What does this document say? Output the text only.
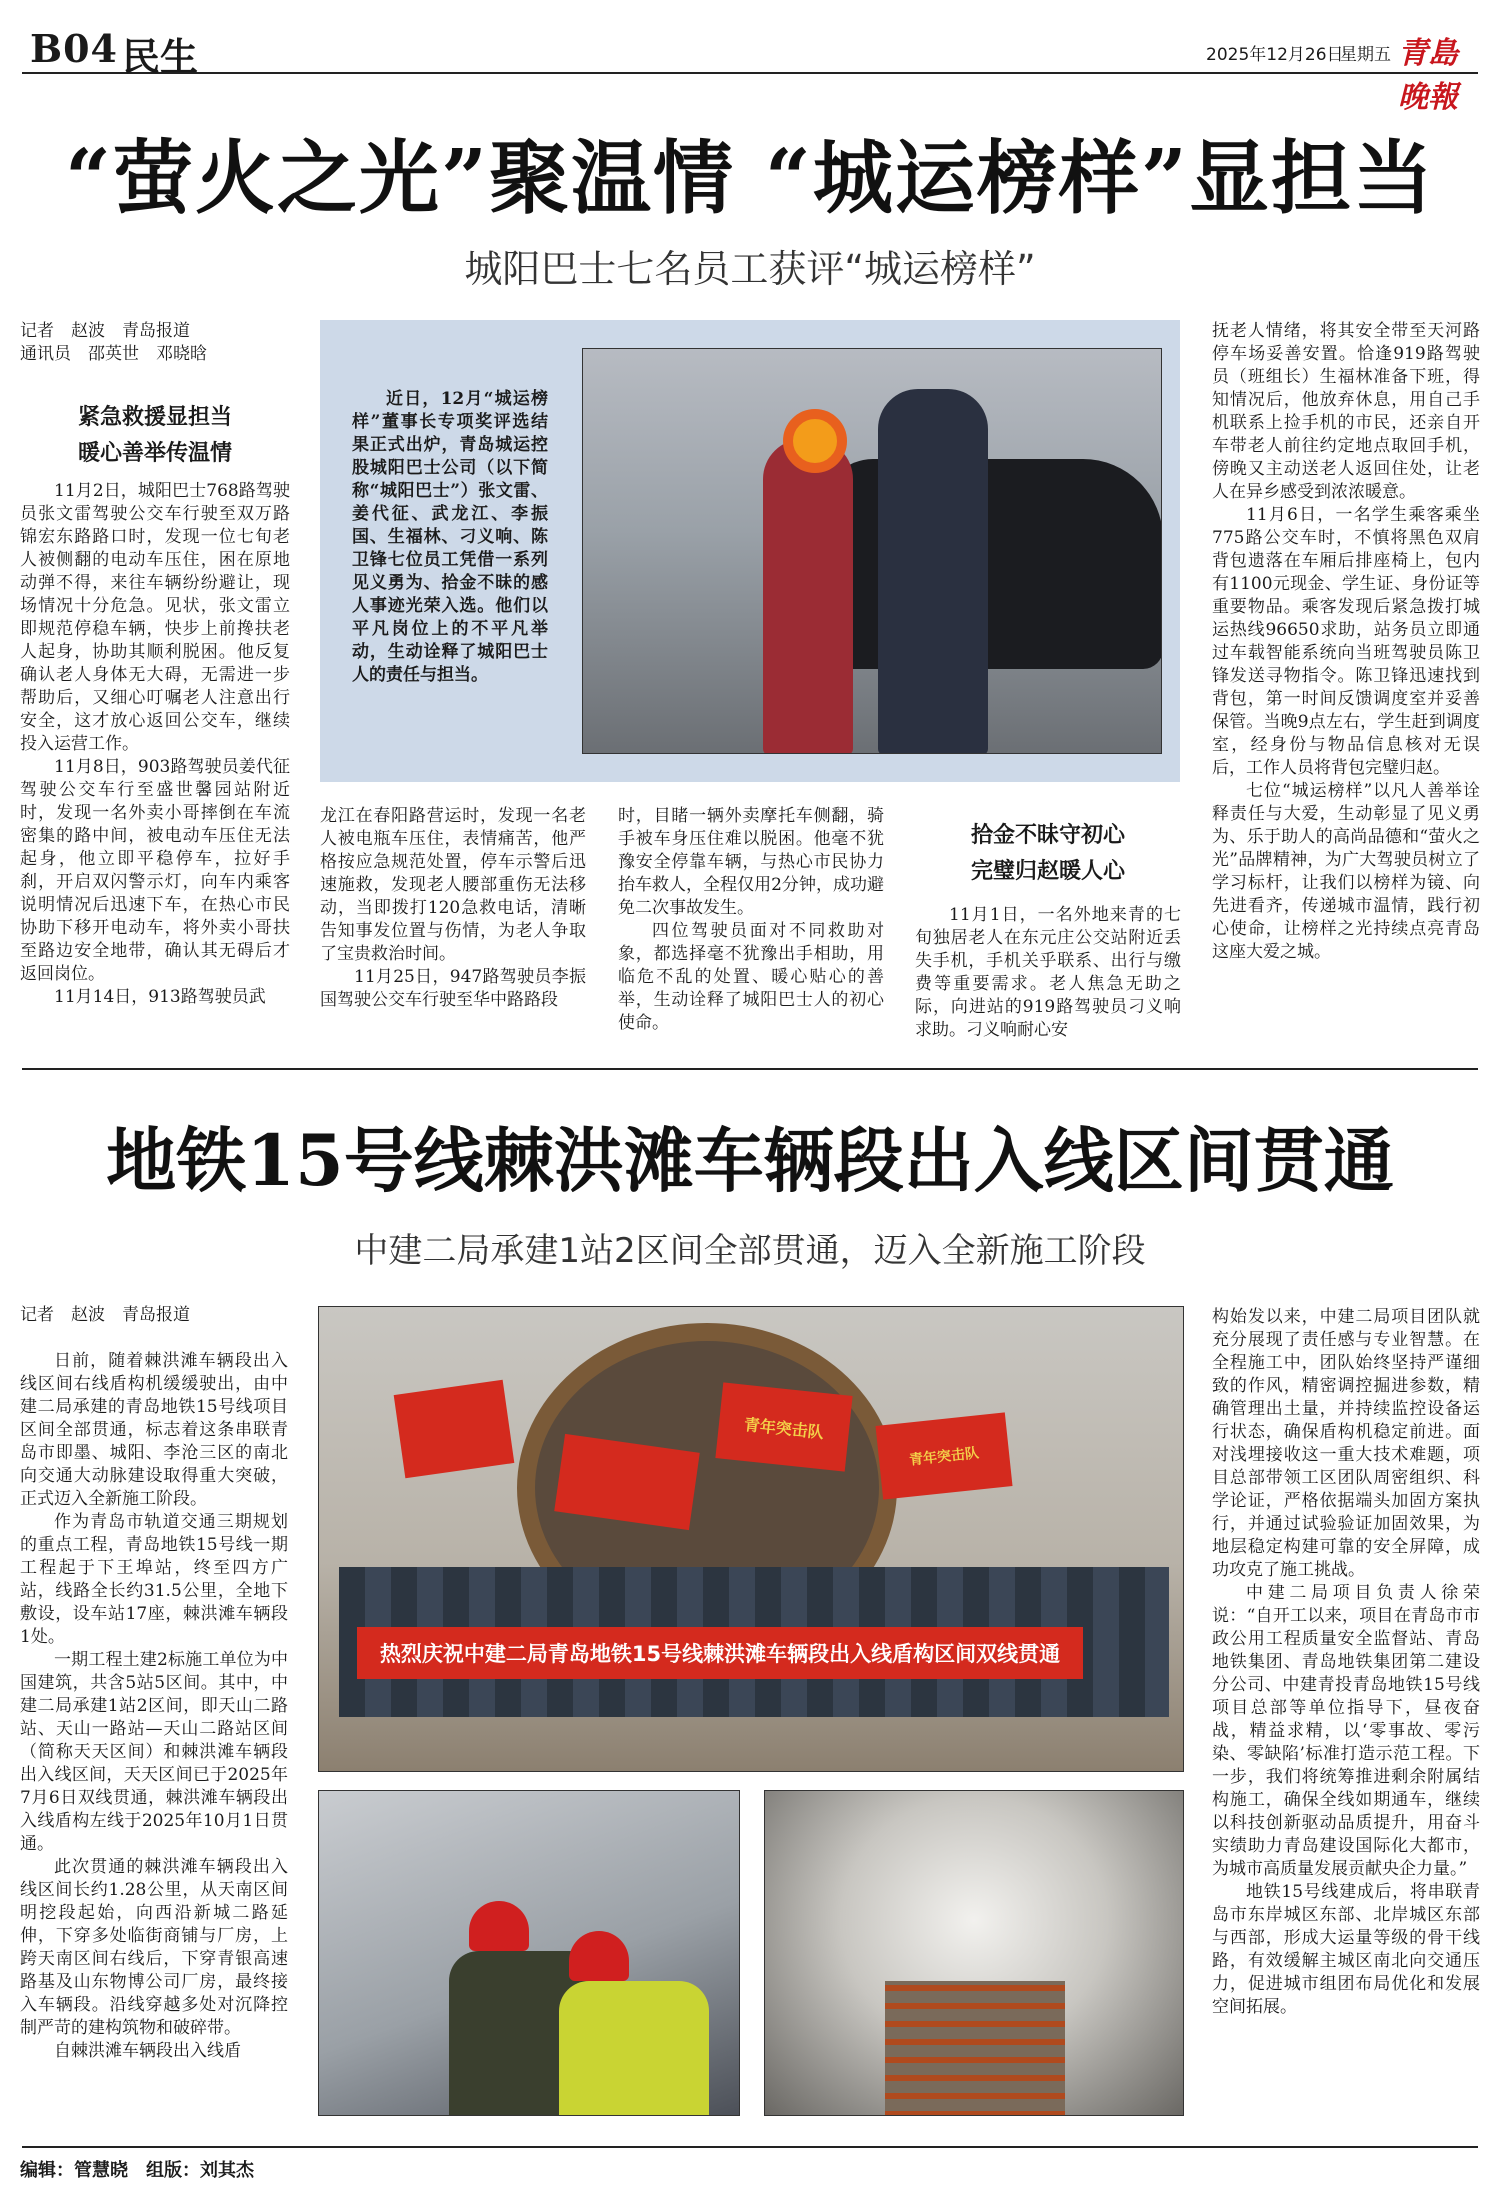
B04 民生	2025年12月26日
星期五 青島晚報
“萤火之光”聚温情 “城运榜样”显担当
城阳巴士七名员工获评“城运榜样”
记者　赵波　青岛报道
通讯员　邵英世　邓晓晗
紧急救援显担当
暖心善举传温情

11月2日，城阳巴士768路驾驶员张文雷驾驶公交车行驶至双万路锦宏东路路口时，发现一位七旬老人被侧翻的电动车压住，困在原地动弹不得，来往车辆纷纷避让，现场情况十分危急。见状，张文雷立即规范停稳车辆，快步上前搀扶老人起身，协助其顺利脱困。他反复确认老人身体无大碍，无需进一步帮助后，又细心叮嘱老人注意出行安全，这才放心返回公交车，继续投入运营工作。

11月8日，903路驾驶员姜代征驾驶公交车行至盛世馨园站附近时，发现一名外卖小哥摔倒在车流密集的路中间，被电动车压住无法起身，他立即平稳停车，拉好手刹，开启双闪警示灯，向车内乘客说明情况后迅速下车，在热心市民协助下移开电动车，将外卖小哥扶至路边安全地带，确认其无碍后才返回岗位。

11月14日，913路驾驶员武

近日，12月“城运榜样”董事长专项奖评选结果正式出炉，青岛城运控股城阳巴士公司（以下简称“城阳巴士”）张文雷、姜代征、武龙江、李振国、生福林、刁义响、陈卫锋七位员工凭借一系列见义勇为、拾金不昧的感人事迹光荣入选。他们以平凡岗位上的不平凡举动，生动诠释了城阳巴士人的责任与担当。

龙江在春阳路营运时，发现一名老人被电瓶车压住，表情痛苦，他严格按应急规范处置，停车示警后迅速施救，发现老人腰部重伤无法移动，当即拨打120急救电话，清晰告知事发位置与伤情，为老人争取了宝贵救治时间。

11月25日，947路驾驶员李振国驾驶公交车行驶至华中路路段

时，目睹一辆外卖摩托车侧翻，骑手被车身压住难以脱困。他毫不犹豫安全停靠车辆，与热心市民协力抬车救人，全程仅用2分钟，成功避免二次事故发生。

四位驾驶员面对不同救助对象，都选择毫不犹豫出手相助，用临危不乱的处置、暖心贴心的善举，生动诠释了城阳巴士人的初心使命。

拾金不昧守初心
完璧归赵暖人心

11月1日，一名外地来青的七旬独居老人在东元庄公交站附近丢失手机，手机关乎联系、出行与缴费等重要需求。老人焦急无助之际，向进站的919路驾驶员刁义响求助。刁义响耐心安

抚老人情绪，将其安全带至天河路停车场妥善安置。恰逢919路驾驶员（班组长）生福林准备下班，得知情况后，他放弃休息，用自己手机联系上捡手机的市民，还亲自开车带老人前往约定地点取回手机，傍晚又主动送老人返回住处，让老人在异乡感受到浓浓暖意。

11月6日，一名学生乘客乘坐775路公交车时，不慎将黑色双肩背包遗落在车厢后排座椅上，包内有1100元现金、学生证、身份证等重要物品。乘客发现后紧急拨打城运热线96650求助，站务员立即通过车载智能系统向当班驾驶员陈卫锋发送寻物指令。陈卫锋迅速找到背包，第一时间反馈调度室并妥善保管。当晚9点左右，学生赶到调度室，经身份与物品信息核对无误后，工作人员将背包完璧归赵。

七位“城运榜样”以凡人善举诠释责任与大爱，生动彰显了见义勇为、乐于助人的高尚品德和“萤火之光”品牌精神，为广大驾驶员树立了学习标杆，让我们以榜样为镜、向先进看齐，传递城市温情，践行初心使命，让榜样之光持续点亮青岛这座大爱之城。

地铁15号线棘洪滩车辆段出入线区间贯通
中建二局承建1站2区间全部贯通，迈入全新施工阶段
记者　赵波　青岛报道

日前，随着棘洪滩车辆段出入线区间右线盾构机缓缓驶出，由中建二局承建的青岛地铁15号线项目区间全部贯通，标志着这条串联青岛市即墨、城阳、李沧三区的南北向交通大动脉建设取得重大突破，正式迈入全新施工阶段。

作为青岛市轨道交通三期规划的重点工程，青岛地铁15号线一期工程起于下王埠站，终至四方广站，线路全长约31.5公里，全地下敷设，设车站17座，棘洪滩车辆段1处。

一期工程土建2标施工单位为中国建筑，共含5站5区间。其中，中建二局承建1站2区间，即天山二路站、天山一路站—天山二路站区间（简称天天区间）和棘洪滩车辆段出入线区间，天天区间已于2025年7月6日双线贯通，棘洪滩车辆段出入线盾构左线于2025年10月1日贯通。

此次贯通的棘洪滩车辆段出入线区间长约1.28公里，从天南区间明挖段起始，向西沿新城二路延伸，下穿多处临街商铺与厂房，上跨天南区间右线后，下穿青银高速路基及山东物博公司厂房，最终接入车辆段。沿线穿越多处对沉降控制严苛的建构筑物和破碎带。

自棘洪滩车辆段出入线盾

青年突击队
青年突击队
热烈庆祝中建二局青岛地铁15号线棘洪滩车辆段出入线盾构区间双线贯通

构始发以来，中建二局项目团队就充分展现了责任感与专业智慧。在全程施工中，团队始终坚持严谨细致的作风，精密调控掘进参数，精确管理出土量，并持续监控设备运行状态，确保盾构机稳定前进。面对浅埋接收这一重大技术难题，项目总部带领工区团队周密组织、科学论证，严格依据端头加固方案执行，并通过试验验证加固效果，为地层稳定构建可靠的安全屏障，成功攻克了施工挑战。

中建二局项目负责人徐荣说：“自开工以来，项目在青岛市市政公用工程质量安全监督站、青岛地铁集团、青岛地铁集团第二建设分公司、中建青投青岛地铁15号线项目总部等单位指导下，昼夜奋战，精益求精，以‘零事故、零污染、零缺陷’标准打造示范工程。下一步，我们将统筹推进剩余附属结构施工，确保全线如期通车，继续以科技创新驱动品质提升，用奋斗实绩助力青岛建设国际化大都市，为城市高质量发展贡献央企力量。”

地铁15号线建成后，将串联青岛市东岸城区东部、北岸城区东部与西部，形成大运量等级的骨干线路，有效缓解主城区南北向交通压力，促进城市组团布局优化和发展空间拓展。

编辑：管慧晓　组版：刘其杰
